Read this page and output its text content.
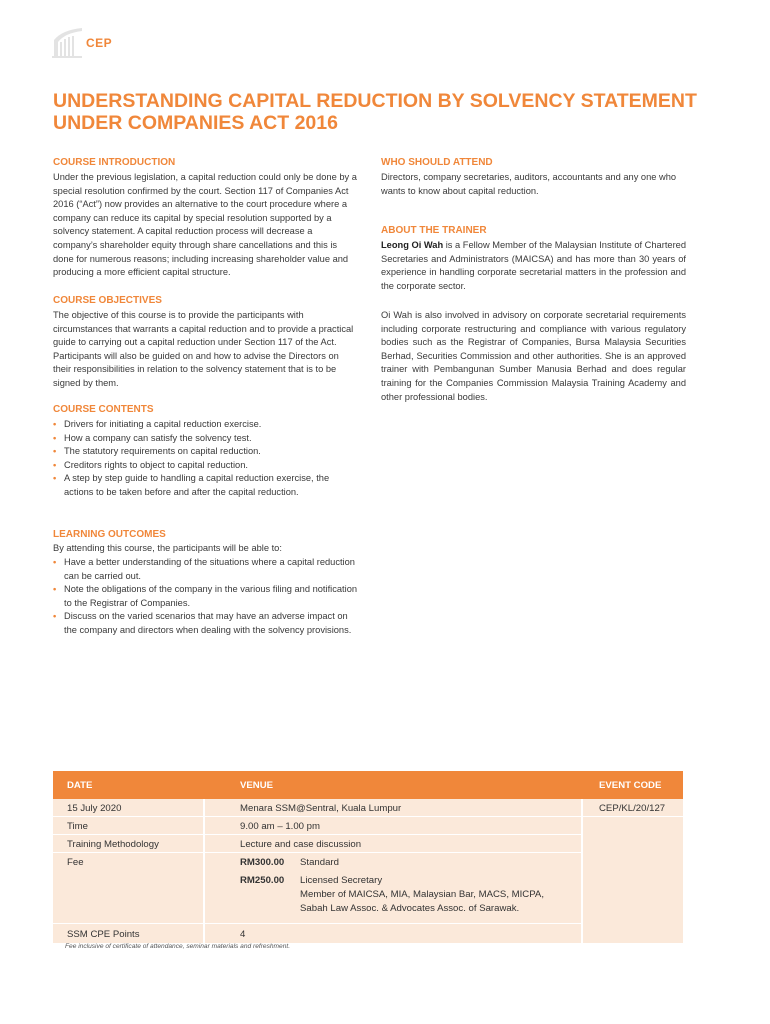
CEP
UNDERSTANDING CAPITAL REDUCTION BY SOLVENCY STATEMENT UNDER COMPANIES ACT 2016
COURSE INTRODUCTION

Under the previous legislation, a capital reduction could only be done by a special resolution confirmed by the court. Section 117 of Companies Act 2016 (“Act”) now provides an alternative to the court procedure where a company can reduce its capital by special resolution supported by a solvency statement. A capital reduction process will decrease a company’s shareholder equity through share cancellations and this is done for numerous reasons; including increasing shareholder value and producing a more efficient capital structure.

COURSE OBJECTIVES

The objective of this course is to provide the participants with circumstances that warrants a capital reduction and to provide a practical guide to carrying out a capital reduction under Section 117 of the Act. Participants will also be guided on and how to advise the Directors on their responsibilities in relation to the solvency statement that is to be signed by them.

COURSE CONTENTS
• Drivers for initiating a capital reduction exercise.
• How a company can satisfy the solvency test.
• The statutory requirements on capital reduction.
• Creditors rights to object to capital reduction.
• A step by step guide to handling a capital reduction exercise, the actions to be taken before and after the capital reduction.
LEARNING OUTCOMES

By attending this course, the participants will be able to:

• Have a better understanding of the situations where a capital reduction can be carried out.
• Note the obligations of the company in the various filing and notification to the Registrar of Companies.
• Discuss on the varied scenarios that may have an adverse impact on the company and directors when dealing with the solvency provisions.
WHO SHOULD ATTEND

Directors, company secretaries, auditors, accountants and any one who wants to know about capital reduction.

ABOUT THE TRAINER

Leong Oi Wah is a Fellow Member of the Malaysian Institute of Chartered Secretaries and Administrators (MAICSA) and has more than 30 years of experience in handling corporate secretarial matters in the profession and the corporate sector.

Oi Wah is also involved in advisory on corporate secretarial requirements including corporate restructuring and compliance with various regulatory bodies such as the Registrar of Companies, Bursa Malaysia Securities Berhad, Securities Commission and other authorities. She is an approved trainer with Pembangunan Sumber Manusia Berhad and does regular training for the Companies Commission Malaysia Training Academy and other professional bodies.

DATE	VENUE	EVENT CODE
15 July 2020
Time
Training Methodology
Fee
SSM CPE Points
Menara SSM@Sentral, Kuala Lumpur
9.00 am – 1.00 pm
Lecture and case discussion
RM300.00 Standard
RM250.00 Licensed Secretary
Member of MAICSA, MIA, Malaysian Bar, MACS, MICPA,
Sabah Law Assoc. & Advocates Assoc. of Sarawak.
4
CEP/KL/20/127

Fee inclusive of certificate of attendance, seminar materials and refreshment.
